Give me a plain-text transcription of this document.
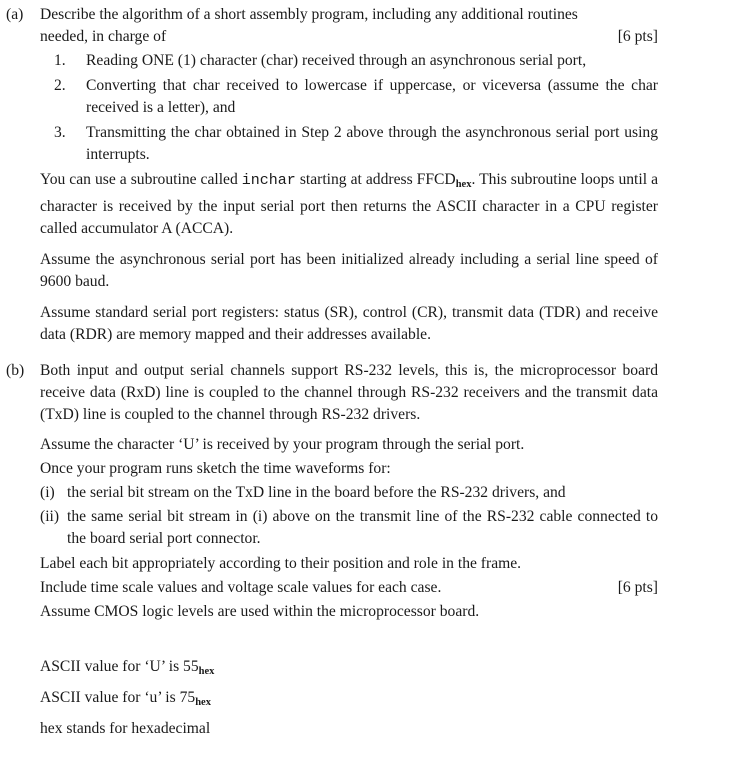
(a) Describe the algorithm of a short assembly program, including any additional routines

needed, in charge of	[6 pts]
1.	Reading ONE (1) character (char) received through an asynchronous serial port,
2.	Converting that char received to lowercase if uppercase, or viceversa (assume the char received is a letter), and
3.	Transmitting the char obtained in Step 2 above through the asynchronous serial port using interrupts.

You can use a subroutine called inchar starting at address $FFCD_{hex}$. This subroutine loops until a character is received by the input serial port then returns the ASCII character in a CPU register called accumulator A (ACCA).

Assume the asynchronous serial port has been initialized already including a serial line speed of 9600 baud.

Assume standard serial port registers: status (SR), control (CR), transmit data (TDR) and receive data (RDR) are memory mapped and their addresses available.

(b) Both input and output serial channels support RS-232 levels, this is, the microprocessor board receive data (RxD) line is coupled to the channel through RS-232 receivers and the transmit data (TxD) line is coupled to the channel through RS-232 drivers.

Assume the character ‘U’ is received by your program through the serial port.

Once your program runs sketch the time waveforms for:

(i) the serial bit stream on the TxD line in the board before the RS-232 drivers, and
(ii) the same serial bit stream in (i) above on the transmit line of the RS-232 cable connected to the board serial port connector.

Label each bit appropriately according to their position and role in the frame.

Include time scale values and voltage scale values for each case.	[6 pts]

Assume CMOS logic levels are used within the microprocessor board.

ASCII value for ‘U’ is $55_{hex}$
ASCII value for ‘u’ is $75_{hex}$
hex stands for hexadecimal
